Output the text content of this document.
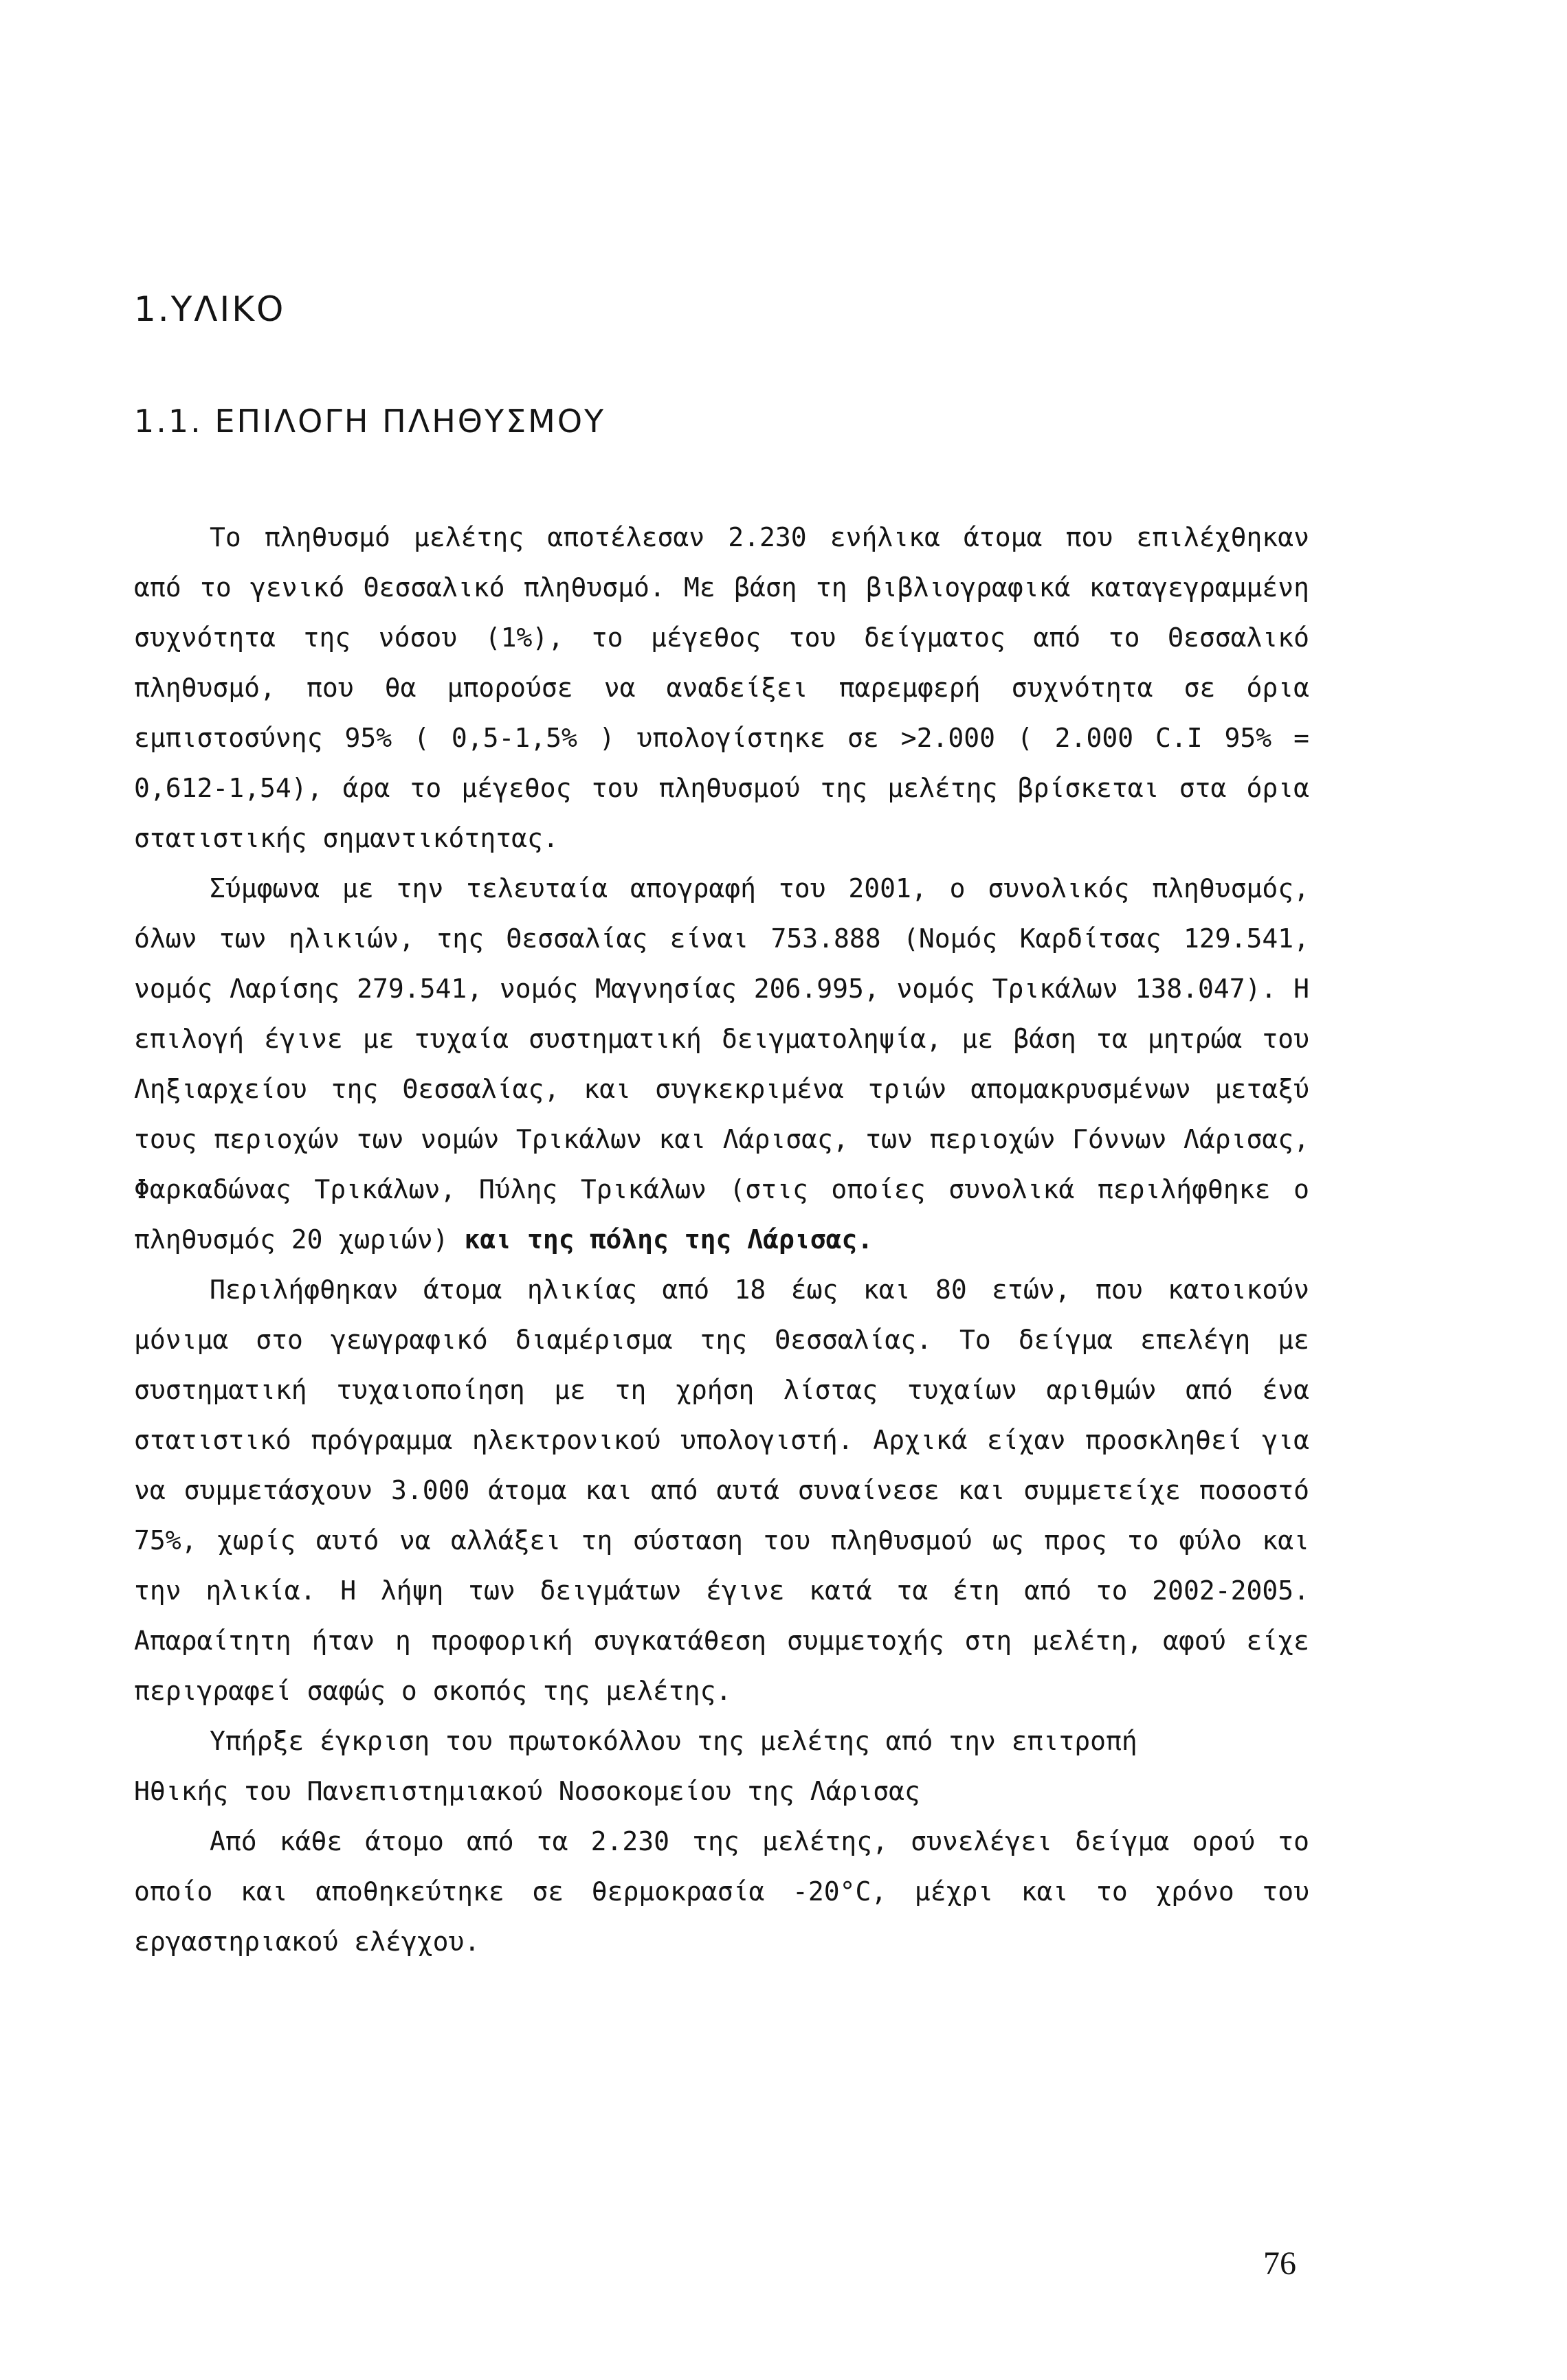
1.ΥΛΙΚΟ
1.1. ΕΠΙΛΟΓΗ ΠΛΗΘΥΣΜΟΥ

Το πληθυσμό μελέτης αποτέλεσαν 2.230 ενήλικα άτομα που επιλέχθηκαν από το γενικό Θεσσαλικό πληθυσμό. Με βάση τη βιβλιογραφικά καταγεγραμμένη συχνότητα της νόσου (1%), το μέγεθος του δείγματος από το Θεσσαλικό πληθυσμό, που θα μπορούσε να αναδείξει παρεμφερή συχνότητα σε όρια εμπιστοσύνης 95% ( 0,5-1,5% ) υπολογίστηκε σε >2.000 ( 2.000 C.I 95% = 0,612-1,54), άρα το μέγεθος του πληθυσμού της μελέτης βρίσκεται στα όρια στατιστικής σημαντικότητας.

Σύμφωνα με την τελευταία απογραφή του 2001, ο συνολικός πληθυσμός, όλων των ηλικιών, της Θεσσαλίας είναι 753.888 (Νομός Καρδίτσας 129.541, νομός Λαρίσης 279.541, νομός Μαγνησίας 206.995, νομός Τρικάλων 138.047). Η επιλογή έγινε με τυχαία συστηματική δειγματοληψία, με βάση τα μητρώα του Ληξιαρχείου της Θεσσαλίας, και συγκεκριμένα τριών απομακρυσμένων μεταξύ τους περιοχών των νομών Τρικάλων και Λάρισας, των περιοχών Γόννων Λάρισας, Φαρκαδώνας Τρικάλων, Πύλης Τρικάλων (στις οποίες συνολικά περιλήφθηκε ο πληθυσμός 20 χωριών) και της πόλης της Λάρισας.

Περιλήφθηκαν άτομα ηλικίας από 18 έως και 80 ετών, που κατοικούν μόνιμα στο γεωγραφικό διαμέρισμα της Θεσσαλίας. Το δείγμα επελέγη με συστηματική τυχαιοποίηση με τη χρήση λίστας τυχαίων αριθμών από ένα στατιστικό πρόγραμμα ηλεκτρονικού υπολογιστή. Αρχικά είχαν προσκληθεί για να συμμετάσχουν 3.000 άτομα και από αυτά συναίνεσε και συμμετείχε ποσοστό 75%, χωρίς αυτό να αλλάξει τη σύσταση του πληθυσμού ως προς το φύλο και την ηλικία. Η λήψη των δειγμάτων έγινε κατά τα έτη από το 2002-2005. Απαραίτητη ήταν η προφορική συγκατάθεση συμμετοχής στη μελέτη, αφού είχε περιγραφεί σαφώς ο σκοπός της μελέτης.

Υπήρξε έγκριση του πρωτοκόλλου της μελέτης από την επιτροπή
Ηθικής του Πανεπιστημιακού Νοσοκομείου της Λάρισας

Από κάθε άτομο από τα 2.230 της μελέτης, συνελέγει δείγμα ορού το οποίο και αποθηκεύτηκε σε θερμοκρασία -20°C, μέχρι και το χρόνο του εργαστηριακού ελέγχου.

76
